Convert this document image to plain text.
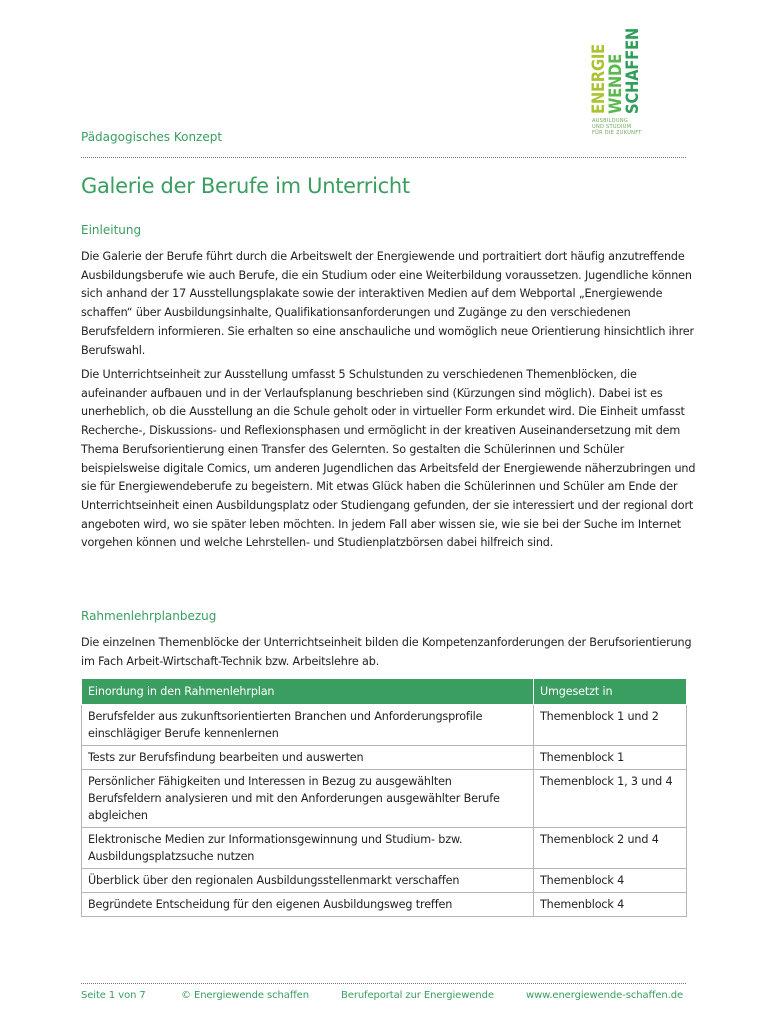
ENERGIE
WENDE
SCHAFFEN
AUSBILDUNG
UND STUDIUM
FÜR DIE ZUKUNFT
Pädagogisches Konzept
Galerie der Berufe im Unterricht
Einleitung

Die Galerie der Berufe führt durch die Arbeitswelt der Energiewende und portraitiert dort häufig anzutreffende Ausbildungsberufe wie auch Berufe, die ein Studium oder eine Weiterbildung voraussetzen. Jugendliche können sich anhand der 17 Ausstellungsplakate sowie der interaktiven Medien auf dem Webportal „Energiewende schaffen“ über Ausbildungsinhalte, Qualifikationsanforderungen und Zugänge zu den verschiedenen Berufsfeldern informieren. Sie erhalten so eine anschauliche und womöglich neue Orientierung hinsichtlich ihrer Berufswahl.

Die Unterrichtseinheit zur Ausstellung umfasst 5 Schulstunden zu verschiedenen Themenblöcken, die aufeinander aufbauen und in der Verlaufsplanung beschrieben sind (Kürzungen sind möglich). Dabei ist es unerheblich, ob die Ausstellung an die Schule geholt oder in virtueller Form erkundet wird. Die Einheit umfasst Recherche-, Diskussions- und Reflexionsphasen und ermöglicht in der kreativen Auseinandersetzung mit dem Thema Berufsorientierung einen Transfer des Gelernten. So gestalten die Schülerinnen und Schüler beispielsweise digitale Comics, um anderen Jugendlichen das Arbeitsfeld der Energiewende näherzubringen und sie für Energiewendeberufe zu begeistern. Mit etwas Glück haben die Schülerinnen und Schüler am Ende der Unterrichtseinheit einen Ausbildungsplatz oder Studiengang gefunden, der sie interessiert und der regional dort angeboten wird, wo sie später leben möchten. In jedem Fall aber wissen sie, wie sie bei der Suche im Internet vorgehen können und welche Lehrstellen- und Studienplatzbörsen dabei hilfreich sind.

Rahmenlehrplanbezug

Die einzelnen Themenblöcke der Unterrichtseinheit bilden die Kompetenzanforderungen der Berufsorientierung im Fach Arbeit-Wirtschaft-Technik bzw. Arbeitslehre ab.

Einordung in den Rahmenlehrplan	Umgesetzt in
Berufsfelder aus zukunftsorientierten Branchen und Anforderungsprofile einschlägiger Berufe kennenlernen	Themenblock 1 und 2
Tests zur Berufsfindung bearbeiten und auswerten	Themenblock 1
Persönlicher Fähigkeiten und Interessen in Bezug zu ausgewählten Berufsfeldern analysieren und mit den Anforderungen ausgewählter Berufe abgleichen	Themenblock 1, 3 und 4
Elektronische Medien zur Informationsgewinnung und Studium- bzw. Ausbildungsplatzsuche nutzen	Themenblock 2 und 4
Überblick über den regionalen Ausbildungsstellenmarkt verschaffen	Themenblock 4
Begründete Entscheidung für den eigenen Ausbildungsweg treffen	Themenblock 4
Seite 1 von 7	© Energiewende schaffen	Berufeportal zur Energiewende	www.energiewende-schaffen.de
